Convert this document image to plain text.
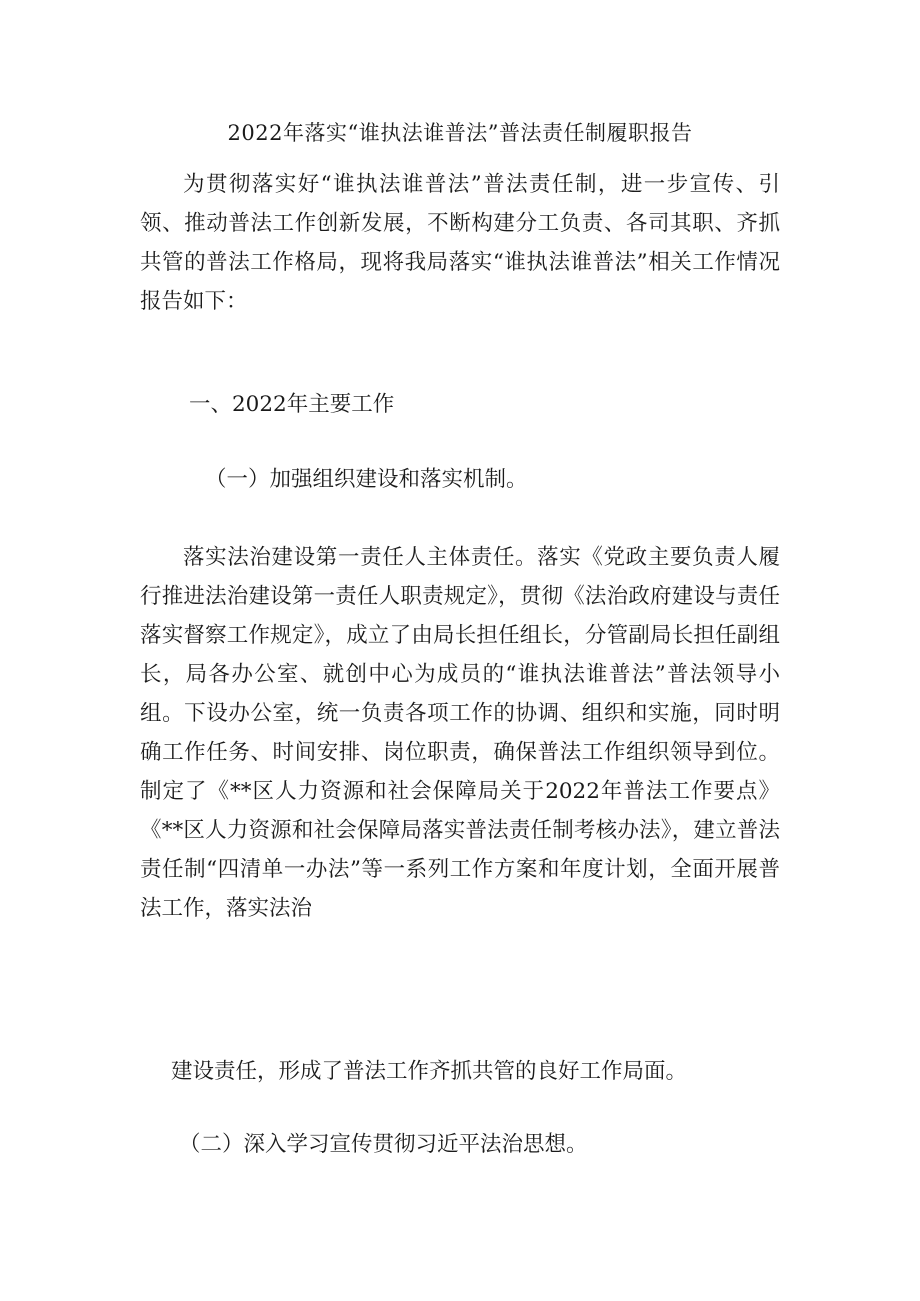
2022年落实“谁执法谁普法”普法责任制履职报告

为贯彻落实好“谁执法谁普法”普法责任制，进一步宣传、引领、推动普法工作创新发展，不断构建分工负责、各司其职、齐抓共管的普法工作格局，现将我局落实“谁执法谁普法”相关工作情况报告如下：

一、2022年主要工作

（一）加强组织建设和落实机制。

落实法治建设第一责任人主体责任。落实《党政主要负责人履行推进法治建设第一责任人职责规定》，贯彻《法治政府建设与责任落实督察工作规定》，成立了由局长担任组长，分管副局长担任副组长，局各办公室、就创中心为成员的“谁执法谁普法”普法领导小组。下设办公室，统一负责各项工作的协调、组织和实施，同时明确工作任务、时间安排、岗位职责，确保普法工作组织领导到位。制定了《**区人力资源和社会保障局关于2022年普法工作要点》《**区人力资源和社会保障局落实普法责任制考核办法》，建立普法责任制“四清单一办法”等一系列工作方案和年度计划，全面开展普法工作，落实法治

建设责任，形成了普法工作齐抓共管的良好工作局面。

（二）深入学习宣传贯彻习近平法治思想。
